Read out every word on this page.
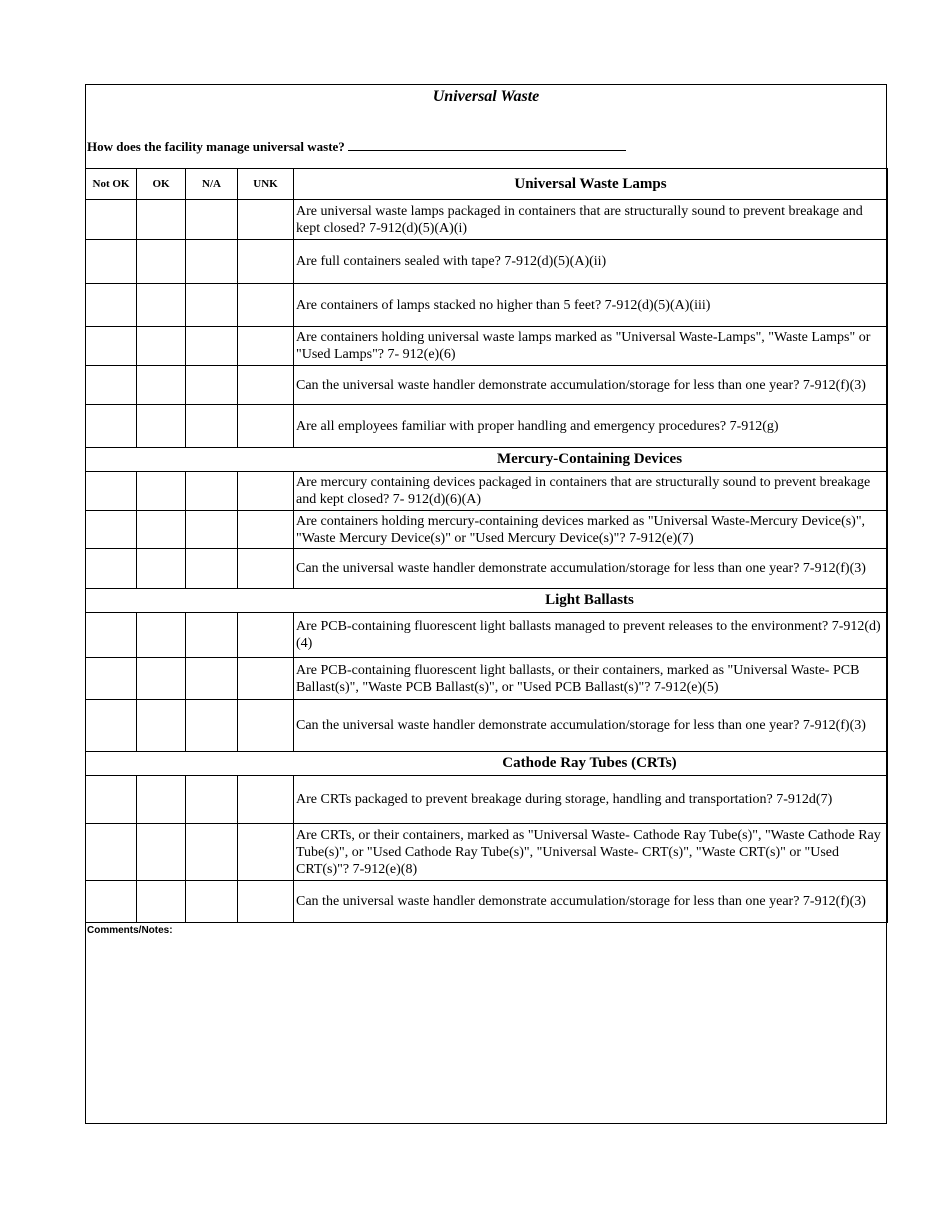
Universal Waste
How does the facility manage universal waste?
Not OK	OK	N/A	UNK	Universal Waste Lamps
				Are universal waste lamps packaged in containers that are structurally sound to prevent breakage and kept closed? 7-912(d)(5)(A)(i)
				Are full containers sealed with tape? 7-912(d)(5)(A)(ii)
				Are containers of lamps stacked no higher than 5 feet? 7-912(d)(5)(A)(iii)
				Are containers holding universal waste lamps marked as "Universal Waste-Lamps", "Waste Lamps" or "Used Lamps"? 7- 912(e)(6)
				Can the universal waste handler demonstrate accumulation/storage for less than one year? 7-912(f)(3)
				Are all employees familiar with proper handling and emergency procedures? 7-912(g)
Mercury-Containing Devices				
				Are mercury containing devices packaged in containers that are structurally sound to prevent breakage and kept closed? 7- 912(d)(6)(A)
				Are containers holding mercury-containing devices marked as "Universal Waste-Mercury Device(s)", "Waste Mercury Device(s)" or "Used Mercury Device(s)"? 7-912(e)(7)
				Can the universal waste handler demonstrate accumulation/storage for less than one year? 7-912(f)(3)
Light Ballasts				
				Are PCB-containing fluorescent light ballasts managed to prevent releases to the environment? 7-912(d)(4)
				Are PCB-containing fluorescent light ballasts, or their containers, marked as "Universal Waste- PCB Ballast(s)", "Waste PCB Ballast(s)", or "Used PCB Ballast(s)"? 7-912(e)(5)
				Can the universal waste handler demonstrate accumulation/storage for less than one year? 7-912(f)(3)
Cathode Ray Tubes (CRTs)				
				Are CRTs packaged to prevent breakage during storage, handling and transportation? 7-912d(7)
				Are CRTs, or their containers, marked as "Universal Waste- Cathode Ray Tube(s)", "Waste Cathode Ray Tube(s)", or "Used Cathode Ray Tube(s)", "Universal Waste- CRT(s)", "Waste CRT(s)" or "Used CRT(s)"? 7-912(e)(8)
				Can the universal waste handler demonstrate accumulation/storage for less than one year? 7-912(f)(3)
Comments/Notes:
